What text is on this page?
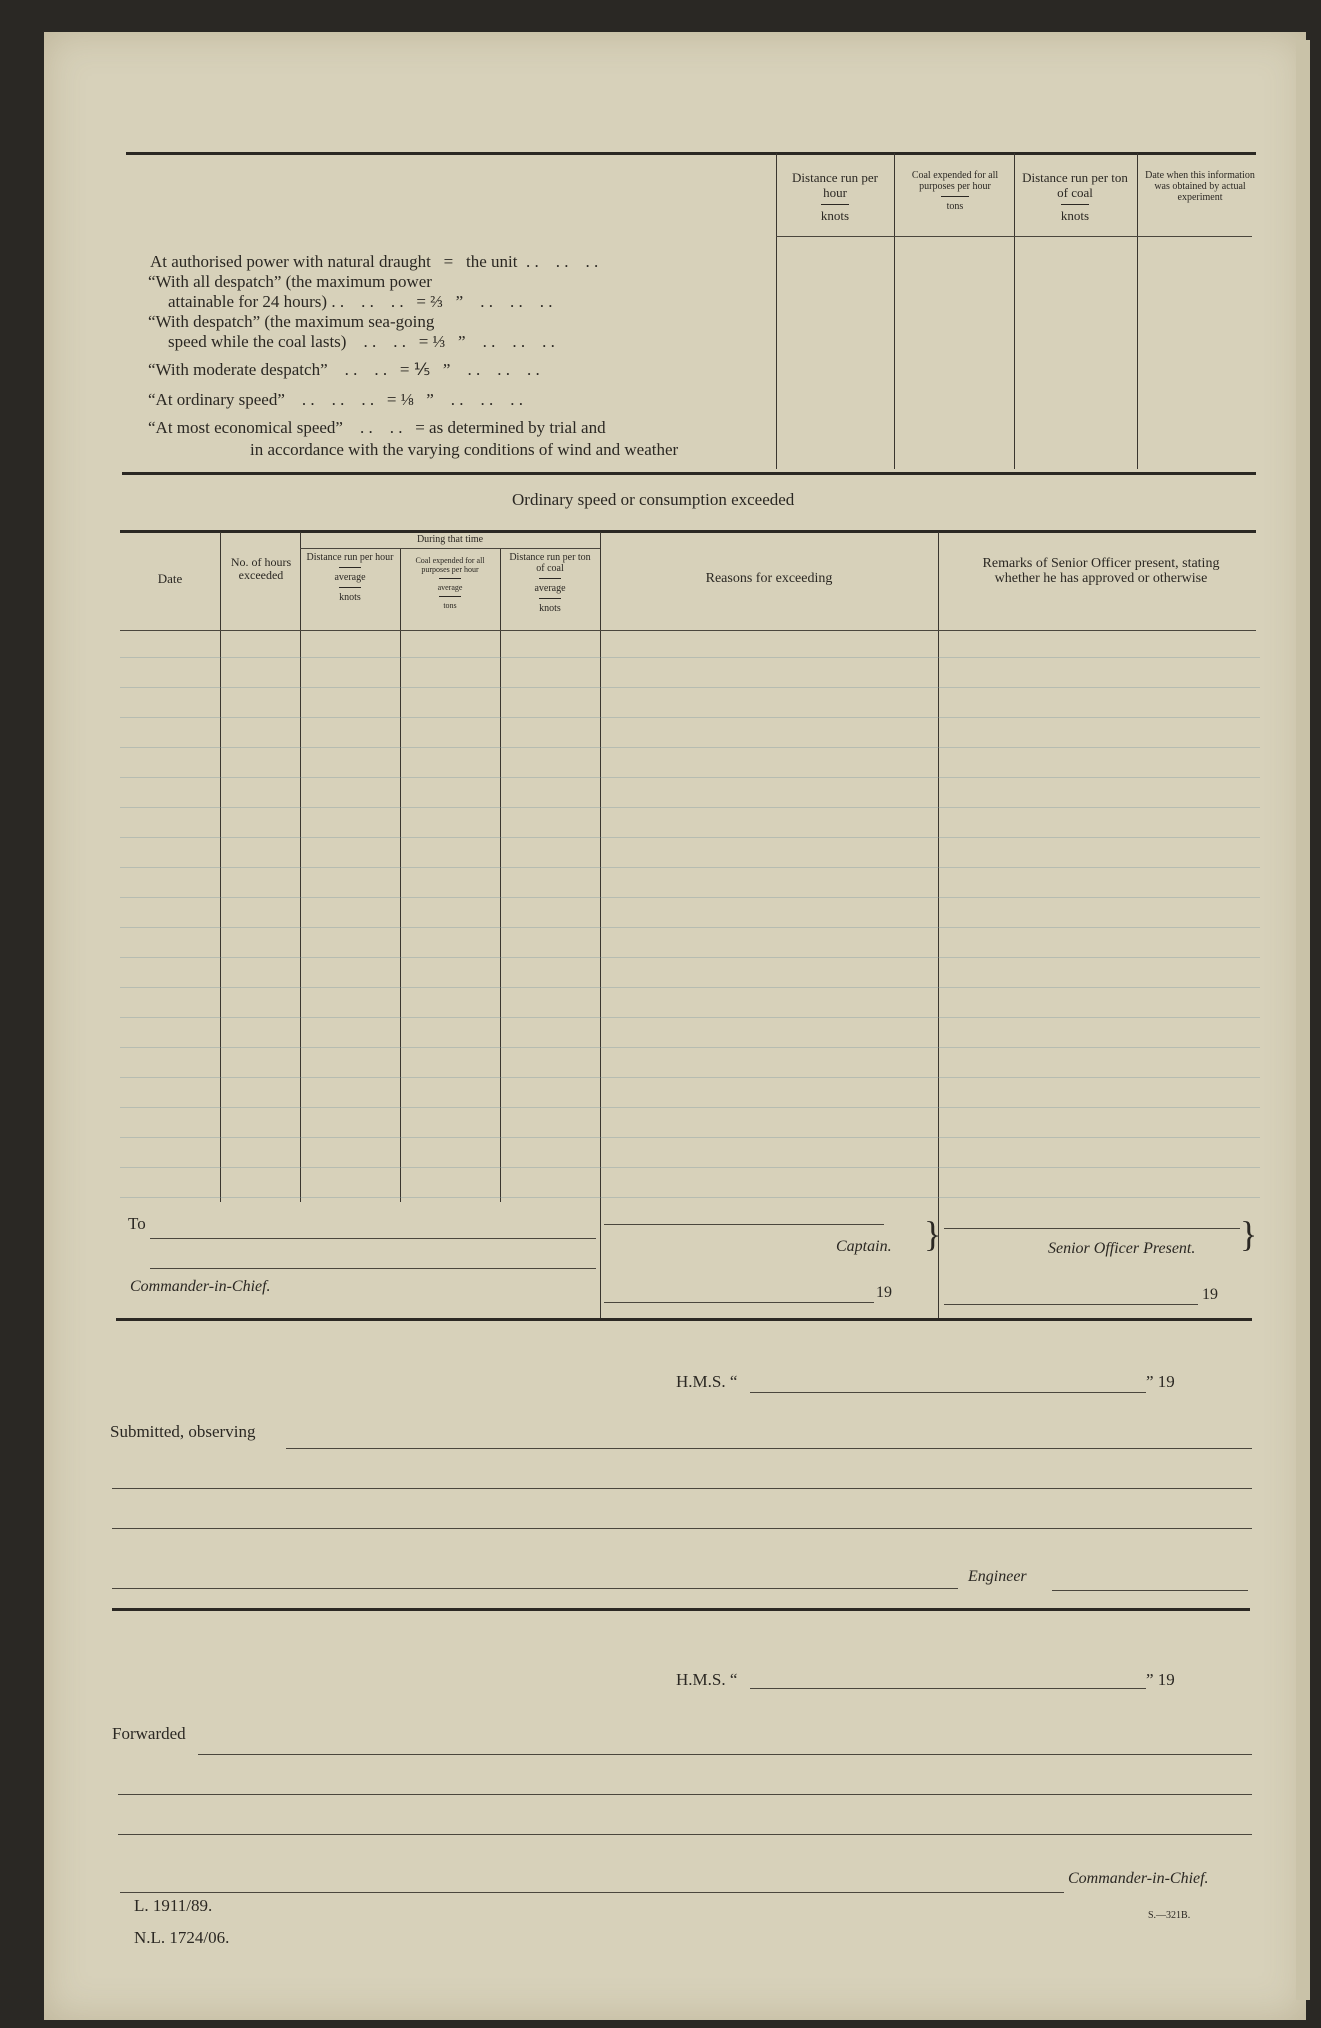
Distance run per hour
knots
Coal expended for all purposes per hour
tons
Distance run per ton of coal
knots
Date when this information was obtained by actual experiment
At authorised power with natural draught   =   the unit  . .    . .    . .
“With all despatch” (the maximum power
attainable for 24 hours) . .    . .    . .   = ⅔   ”    . .    . .    . .
“With despatch” (the maximum sea-going
speed while the coal lasts)    . .    . .   = ⅓   ”    . .    . .    . .
“With moderate despatch”    . .    . .   = ⅕   ”    . .    . .    . .
“At ordinary speed”    . .    . .    . .   = ⅛   ”    . .    . .    . .
“At most economical speed”    . .    . .   = as determined by trial and
in accordance with the varying conditions of wind and weather
Ordinary speed or consumption exceeded
Date
No. of hours exceeded
During that time
Distance run per hour
average
knots
Coal expended for all purposes per hour
average
tons
Distance run per ton of coal
average
knots
Reasons for exceeding
Remarks of Senior Officer present, stating whether he has approved or otherwise
To
Commander-in-Chief.
Captain. }
19
Senior Officer Present. }
19
H.M.S. “	” 19
Submitted, observing
Engineer
H.M.S. “	” 19
Forwarded
Commander-in-Chief.
L. 1911/89.
N.L. 1724/06.
S.—321B.
